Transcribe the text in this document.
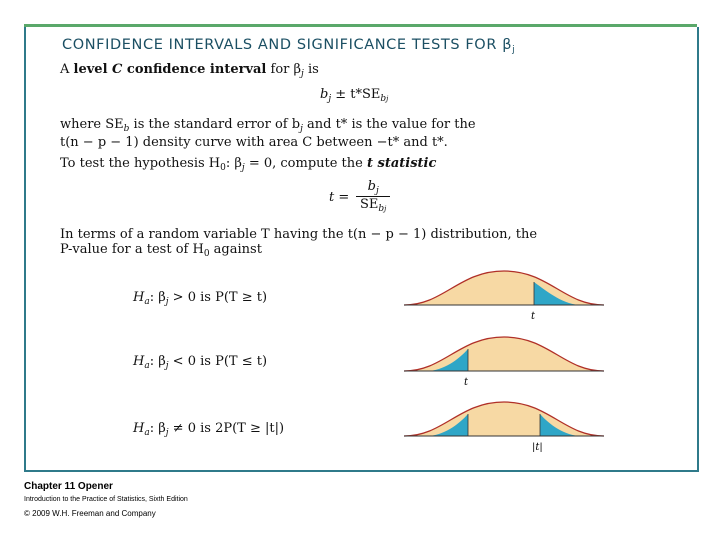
CONFIDENCE INTERVALS AND SIGNIFICANCE TESTS FOR $\beta_j$
A level C confidence interval for $\beta_j$ is
$b_j \pm t*SE_{bj}$
where $SE_b$ is the standard error of $b_j$ and t* is the value for the
t(n − p − 1) density curve with area C between −t* and t*.
To test the hypothesis $H_0$: $\beta_j = 0$, compute the t statistic
t =
$b_j$
$SE_{bj}$
In terms of a random variable T having the t(n − p − 1) distribution, the
P-value for a test of $H_0$ against
$H_a$: $\beta_j > 0$ is P(T ≥ t)
t
$H_a$: $\beta_j < 0$ is P(T ≤ t)
t
$H_a$: $\beta_j \ne 0$ is 2P(T ≥ |t|)
|t|
Chapter 11 Opener
Introduction to the Practice of Statistics, Sixth Edition
© 2009 W.H. Freeman and Company
